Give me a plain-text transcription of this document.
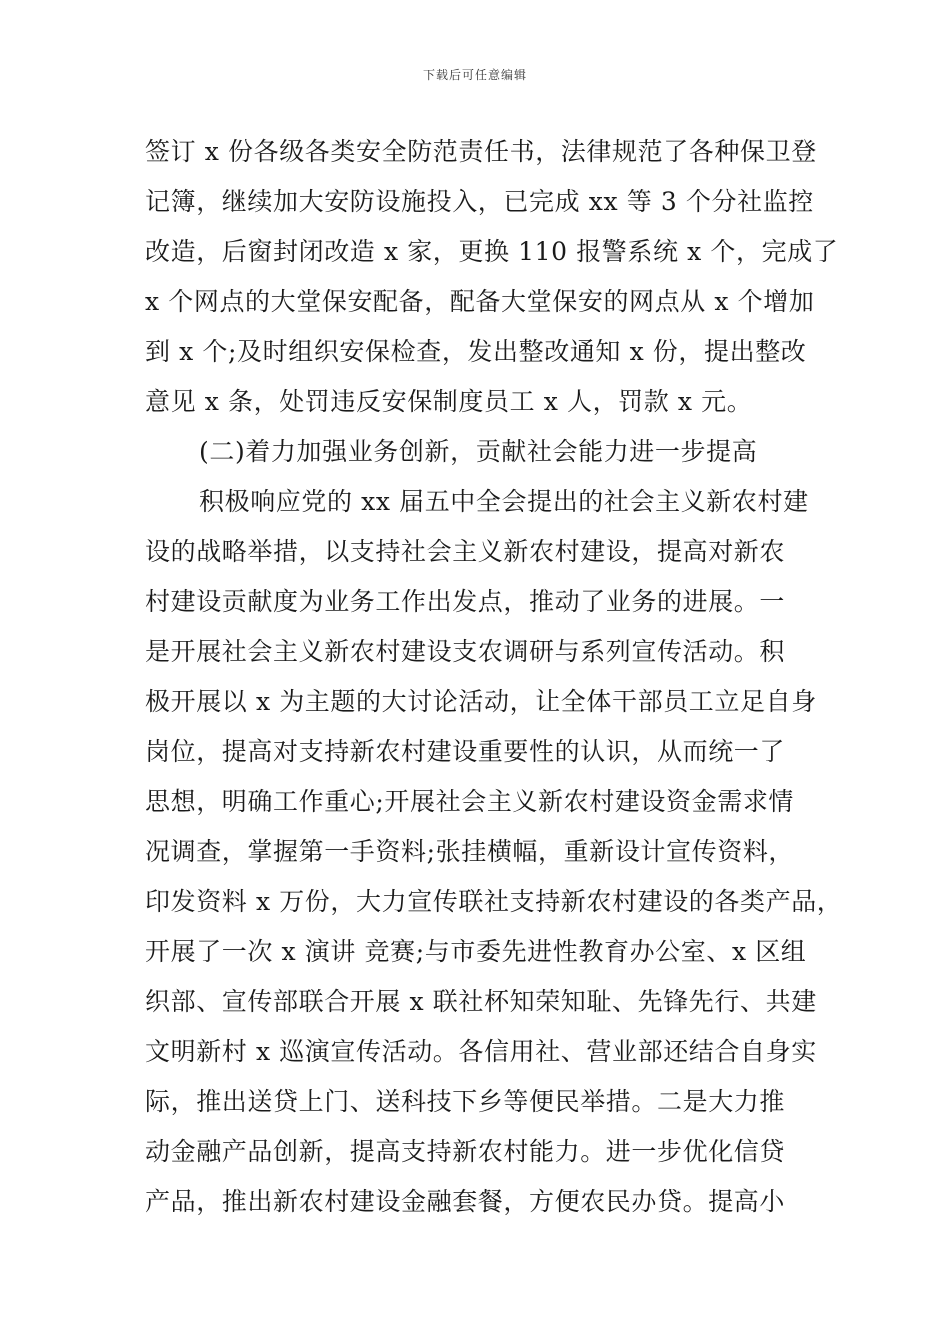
下载后可任意编辑
签订 x 份各级各类安全防范责任书，法律规范了各种保卫登
记簿，继续加大安防设施投入，已完成 xx 等 3 个分社监控
改造，后窗封闭改造 x 家，更换 110 报警系统 x 个，完成了
x 个网点的大堂保安配备，配备大堂保安的网点从 x 个增加
到 x 个;及时组织安保检查，发出整改通知 x 份，提出整改
意见 x 条，处罚违反安保制度员工 x 人，罚款 x 元。
(二)着力加强业务创新，贡献社会能力进一步提高
积极响应党的 xx 届五中全会提出的社会主义新农村建
设的战略举措，以支持社会主义新农村建设，提高对新农
村建设贡献度为业务工作出发点，推动了业务的进展。一
是开展社会主义新农村建设支农调研与系列宣传活动。积
极开展以 x 为主题的大讨论活动，让全体干部员工立足自身
岗位，提高对支持新农村建设重要性的认识，从而统一了
思想，明确工作重心;开展社会主义新农村建设资金需求情
况调查，掌握第一手资料;张挂横幅，重新设计宣传资料，
印发资料 x 万份，大力宣传联社支持新农村建设的各类产品，
开展了一次 x 演讲 竞赛;与市委先进性教育办公室、x 区组
织部、宣传部联合开展 x 联社杯知荣知耻、先锋先行、共建
文明新村 x 巡演宣传活动。各信用社、营业部还结合自身实
际，推出送贷上门、送科技下乡等便民举措。二是大力推
动金融产品创新，提高支持新农村能力。进一步优化信贷
产品，推出新农村建设金融套餐，方便农民办贷。提高小
